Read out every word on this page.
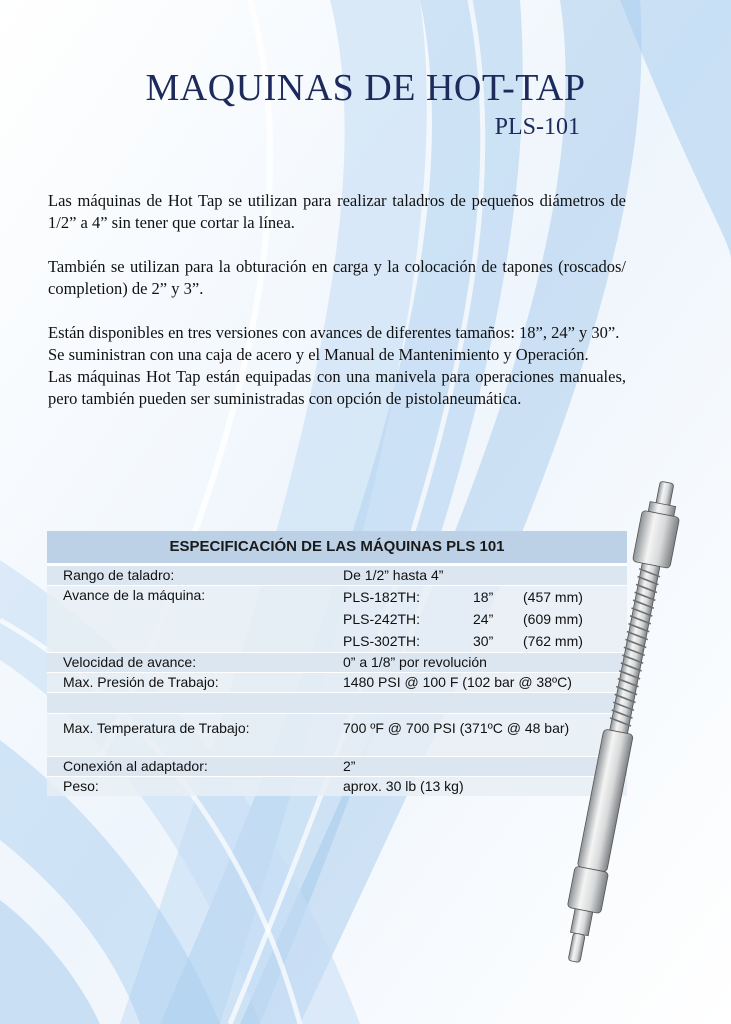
MAQUINAS DE HOT-TAP
PLS-101

Las máquinas de Hot Tap se utilizan para realizar taladros de pequeños diámetros de 1/2” a 4” sin tener que cortar la línea.

También se utilizan para la obturación en carga y la colocación de tapones (roscados/ completion) de 2” y 3”.

Están disponibles en tres versiones con avances de diferentes tamaños: 18”, 24” y 30”.

Se suministran con una caja de acero y el Manual de Mantenimiento y Operación.

Las máquinas Hot Tap están equipadas con una manivela para operaciones manuales, pero también pueden ser suministradas con opción de pistolaneumática.

ESPECIFICACIÓN DE LAS MÁQUINAS PLS 101
Rango de taladro:	De 1/2” hasta 4”
Avance de la máquina:	PLS-182TH:	18”	(457 mm)
PLS-242TH:	24”	(609 mm)
PLS-302TH:	30”	(762 mm)
Velocidad de avance:	0” a 1/8” por revolución
Max. Presión de Trabajo:	1480 PSI @ 100 F (102 bar @ 38ºC)
Max. Temperatura de Trabajo:	700 ºF @ 700 PSI (371ºC @ 48 bar)
Conexión al adaptador:	2”
Peso:	aprox. 30 lb (13 kg)
